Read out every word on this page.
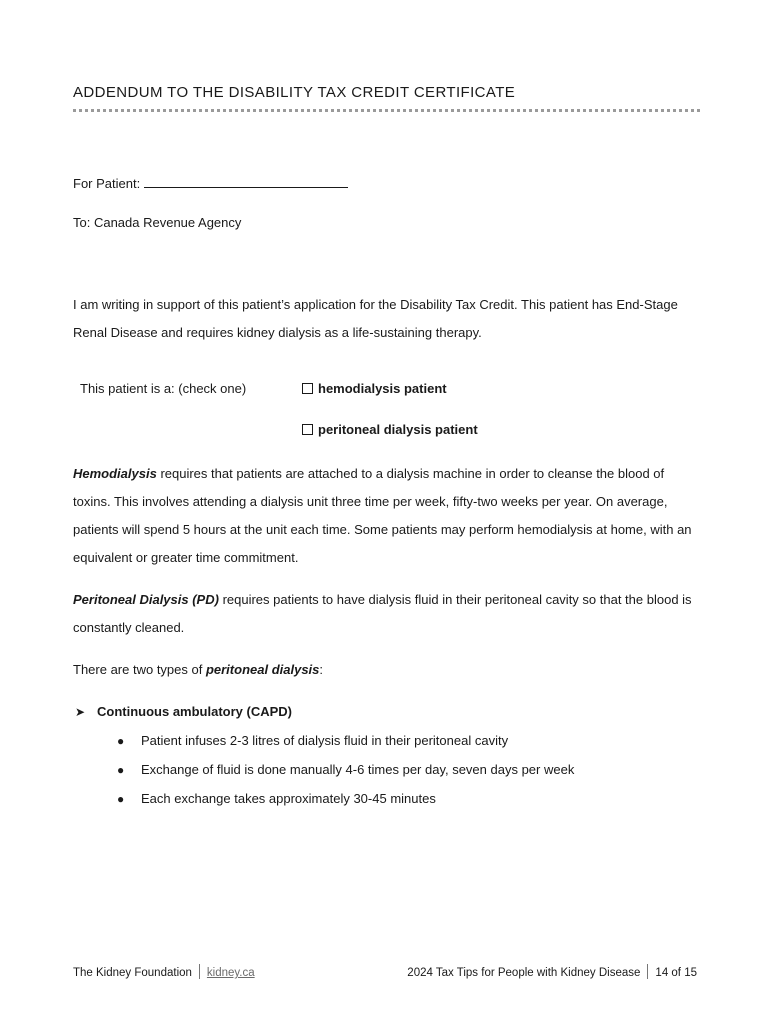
ADDENDUM TO THE DISABILITY TAX CREDIT CERTIFICATE
For Patient:
To: Canada Revenue Agency
I am writing in support of this patient’s application for the Disability Tax Credit. This patient has End-Stage Renal Disease and requires kidney dialysis as a life-sustaining therapy.
This patient is a: (check one)	hemodialysis patient
peritoneal dialysis patient
Hemodialysis requires that patients are attached to a dialysis machine in order to cleanse the blood of toxins. This involves attending a dialysis unit three time per week, fifty-two weeks per year. On average, patients will spend 5 hours at the unit each time. Some patients may perform hemodialysis at home, with an equivalent or greater time commitment.
Peritoneal Dialysis (PD) requires patients to have dialysis fluid in their peritoneal cavity so that the blood is constantly cleaned.
There are two types of peritoneal dialysis:
➤ Continuous ambulatory (CAPD)
● Patient infuses 2-3 litres of dialysis fluid in their peritoneal cavity
● Exchange of fluid is done manually 4-6 times per day, seven days per week
● Each exchange takes approximately 30-45 minutes
The Kidney Foundation kidney.ca	2024 Tax Tips for People with Kidney Disease 14 of 15
